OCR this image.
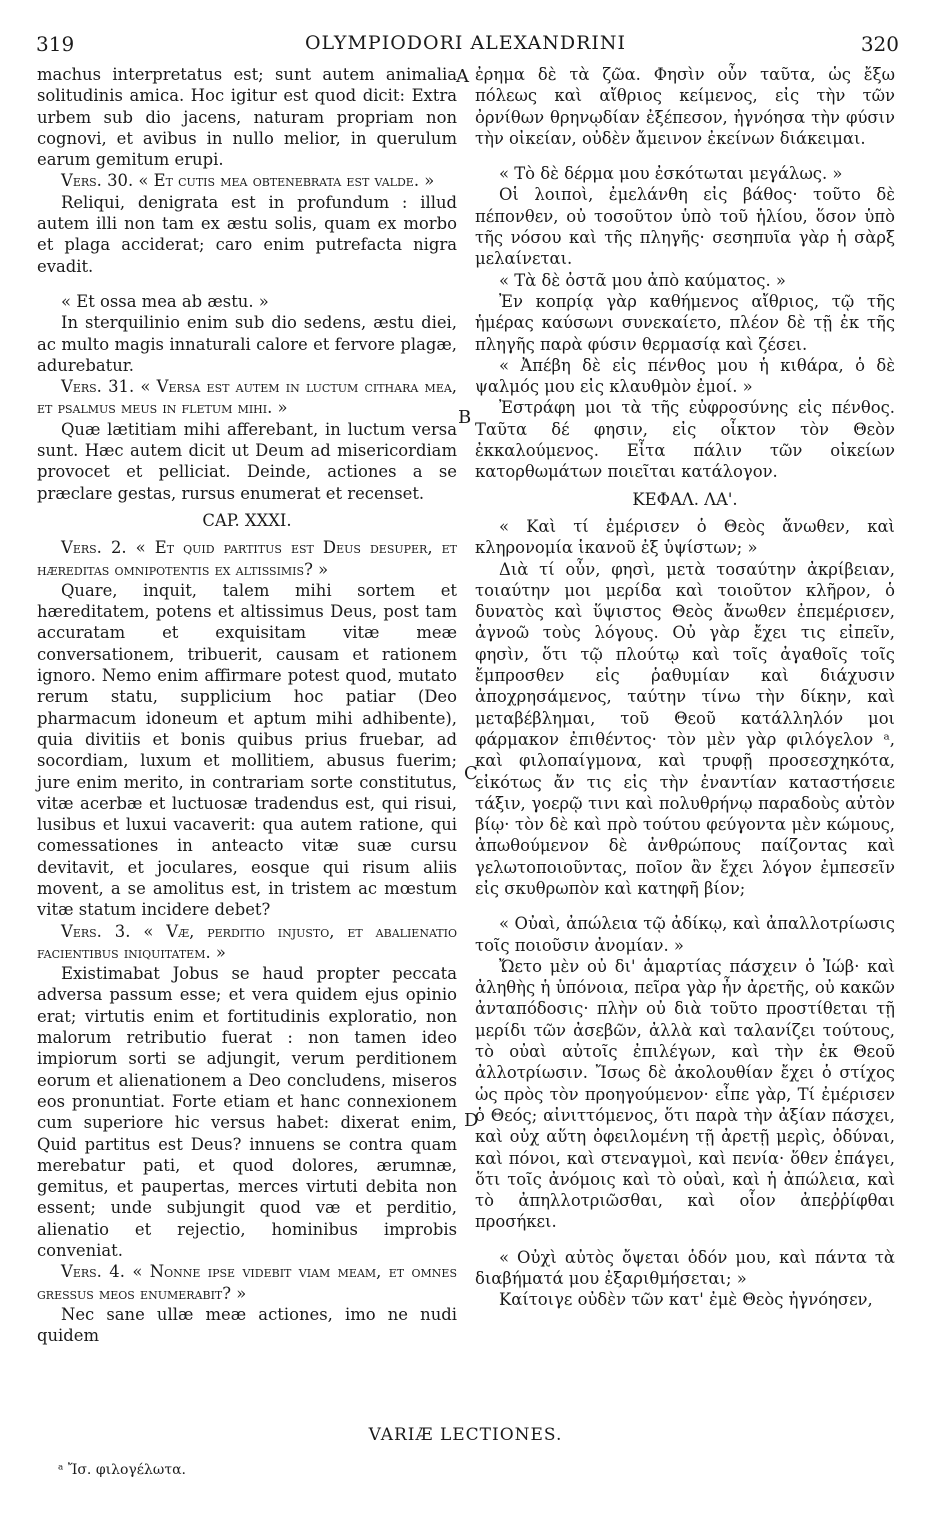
319	OLYMPIODORI ALEXANDRINI	320

machus interpretatus est; sunt autem animalia solitudinis amica. Hoc igitur est quod dicit: Extra urbem sub dio jacens, naturam propriam non cognovi, et avibus in nullo melior, in querulum earum gemitum erupi.

Vers. 30. « Et cutis mea obtenebrata est valde. »

Reliqui, denigrata est in profundum : illud autem illi non tam ex æstu solis, quam ex morbo et plaga acciderat; caro enim putrefacta nigra evadit.

« Et ossa mea ab æstu. »

In sterquilinio enim sub dio sedens, æstu diei, ac multo magis innaturali calore et fervore plagæ, adurebatur.

Vers. 31. « Versa est autem in luctum cithara mea, et psalmus meus in fletum mihi. »

Quæ lætitiam mihi afferebant, in luctum versa sunt. Hæc autem dicit ut Deum ad misericordiam provocet et pelliciat. Deinde, actiones a se præclare gestas, rursus enumerat et recenset.

CAP. XXXI.

Vers. 2. « Et quid partitus est Deus desuper, et hæreditas omnipotentis ex altissimis? »

Quare, inquit, talem mihi sortem et hæreditatem, potens et altissimus Deus, post tam accuratam et exquisitam vitæ meæ conversationem, tribuerit, causam et rationem ignoro. Nemo enim affirmare potest quod, mutato rerum statu, supplicium hoc patiar (Deo pharmacum idoneum et aptum mihi adhibente), quia divitiis et bonis quibus prius fruebar, ad socordiam, luxum et mollitiem, abusus fuerim; jure enim merito, in contrariam sorte constitutus, vitæ acerbæ et luctuosæ tradendus est, qui risui, lusibus et luxui vacaverit: qua autem ratione, qui comessationes in anteacto vitæ suæ cursu devitavit, et joculares, eosque qui risum aliis movent, a se amolitus est, in tristem ac mœstum vitæ statum incidere debet?

Vers. 3. « Væ, perditio injusto, et abalienatio facientibus iniquitatem. »

Existimabat Jobus se haud propter peccata adversa passum esse; et vera quidem ejus opinio erat; virtutis enim et fortitudinis exploratio, non malorum retributio fuerat : non tamen ideo impiorum sorti se adjungit, verum perditionem eorum et alienationem a Deo concludens, miseros eos pronuntiat. Forte etiam et hanc connexionem cum superiore hic versus habet: dixerat enim, Quid partitus est Deus? innuens se contra quam merebatur pati, et quod dolores, ærumnæ, gemitus, et paupertas, merces virtuti debita non essent; unde subjungit quod væ et perditio, alienatio et rejectio, hominibus improbis conveniat.

Vers. 4. « Nonne ipse videbit viam meam, et omnes gressus meos enumerabit? »

Nec sane ullæ meæ actiones, imo ne nudi quidem

A
B
C
D

ἐρημα δὲ τὰ ζῶα. Φησὶν οὖν ταῦτα, ὡς ἔξω πόλεως καὶ αἴθριος κείμενος, εἰς τὴν τῶν ὀρνίθων θρηνῳδίαν ἐξέπεσον, ἠγνόησα τὴν φύσιν τὴν οἰκείαν, οὐδὲν ἄμεινον ἐκείνων διάκειμαι.

« Τὸ δὲ δέρμα μου ἐσκότωται μεγάλως. »

Οἱ λοιποὶ, ἐμελάνθη εἰς βάθος· τοῦτο δὲ πέπονθεν, οὐ τοσοῦτον ὑπὸ τοῦ ἡλίου, ὅσον ὑπὸ τῆς νόσου καὶ τῆς πληγῆς· σεσηπυῖα γὰρ ἡ σὰρξ μελαίνεται.

« Τὰ δὲ ὀστᾶ μου ἀπὸ καύματος. »

Ἐν κοπρίᾳ γὰρ καθήμενος αἴθριος, τῷ τῆς ἡμέρας καύσωνι συνεκαίετο, πλέον δὲ τῇ ἐκ τῆς πληγῆς παρὰ φύσιν θερμασίᾳ καὶ ζέσει.

« Ἀπέβη δὲ εἰς πένθος μου ἡ κιθάρα, ὁ δὲ ψαλμός μου εἰς κλαυθμὸν ἐμοί. »

Ἐστράφη μοι τὰ τῆς εὐφροσύνης εἰς πένθος. Ταῦτα δέ φησιν, εἰς οἶκτον τὸν Θεὸν ἐκκαλούμενος. Εἶτα πάλιν τῶν οἰκείων κατορθωμάτων ποιεῖται κατάλογον.

ΚΕΦΑΛ. ΛΑ'.

« Καὶ τί ἐμέρισεν ὁ Θεὸς ἄνωθεν, καὶ κληρονομία ἱκανοῦ ἐξ ὑψίστων; »

Διὰ τί οὖν, φησὶ, μετὰ τοσαύτην ἀκρίβειαν, τοιαύτην μοι μερίδα καὶ τοιοῦτον κλῆρον, ὁ δυνατὸς καὶ ὕψιστος Θεὸς ἄνωθεν ἐπεμέρισεν, ἀγνοῶ τοὺς λόγους. Οὐ γὰρ ἔχει τις εἰπεῖν, φησὶν, ὅτι τῷ πλούτῳ καὶ τοῖς ἀγαθοῖς τοῖς ἔμπροσθεν εἰς ῥαθυμίαν καὶ διάχυσιν ἀποχρησάμενος, ταύτην τίνω τὴν δίκην, καὶ μεταβέβλημαι, τοῦ Θεοῦ κατάλληλόν μοι φάρμακον ἐπιθέντος· τὸν μὲν γὰρ φιλόγελον ᵃ, καὶ φιλοπαίγμονα, καὶ τρυφῇ προσεσχηκότα, εἰκότως ἄν τις εἰς τὴν ἐναντίαν καταστήσειε τάξιν, γοερῷ τινι καὶ πολυθρήνῳ παραδοὺς αὐτὸν βίῳ· τὸν δὲ καὶ πρὸ τούτου φεύγοντα μὲν κώμους, ἀπωθούμενον δὲ ἀνθρώπους παίζοντας καὶ γελωτοποιοῦντας, ποῖον ἂν ἔχει λόγον ἐμπεσεῖν εἰς σκυθρωπὸν καὶ κατηφῆ βίον;

« Οὐαὶ, ἀπώλεια τῷ ἀδίκῳ, καὶ ἀπαλλοτρίωσις τοῖς ποιοῦσιν ἀνομίαν. »

Ὤετο μὲν οὐ δι' ἁμαρτίας πάσχειν ὁ Ἰώβ· καὶ ἀληθὴς ἡ ὑπόνοια, πεῖρα γὰρ ἦν ἀρετῆς, οὐ κακῶν ἀνταπόδοσις· πλὴν οὐ διὰ τοῦτο προστίθεται τῇ μερίδι τῶν ἀσεβῶν, ἀλλὰ καὶ ταλανίζει τούτους, τὸ οὐαὶ αὐτοῖς ἐπιλέγων, καὶ τὴν ἐκ Θεοῦ ἀλλοτρίωσιν. Ἴσως δὲ ἀκολουθίαν ἔχει ὁ στίχος ὡς πρὸς τὸν προηγούμενον· εἶπε γὰρ, Τί ἐμέρισεν ὁ Θεός; αἰνιττόμενος, ὅτι παρὰ τὴν ἀξίαν πάσχει, καὶ οὐχ αὕτη ὀφειλομένη τῇ ἀρετῇ μερὶς, ὀδύναι, καὶ πόνοι, καὶ στεναγμοὶ, καὶ πενία· ὅθεν ἐπάγει, ὅτι τοῖς ἀνόμοις καὶ τὸ οὐαὶ, καὶ ἡ ἀπώλεια, καὶ τὸ ἀπηλλοτριῶσθαι, καὶ οἷον ἀπεῤῥίφθαι προσήκει.

« Οὐχὶ αὐτὸς ὄψεται ὁδόν μου, καὶ πάντα τὰ διαβήματά μου ἐξαριθμήσεται; »

Καίτοιγε οὐδὲν τῶν κατ' ἐμὲ Θεὸς ἠγνόησεν,

VARIÆ LECTIONES.
ᵃ Ἴσ. φιλογέλωτα.
